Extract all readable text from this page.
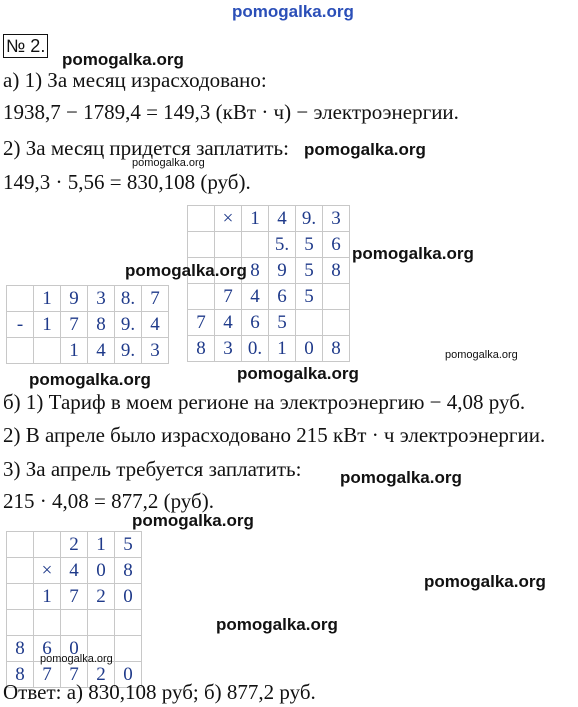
pomogalka.org
№ 2.
pomogalka.org
а) 1) За месяц израсходовано:
1938,7 − 1789,4 = 149,3 (кВт · ч) − электроэнергии.
2) За месяц придется заплатить: pomogalka.org
pomogalka.org
149,3 · 5,56 = 830,108 (руб).
	×	1	4	9.	3
			5.	5	6
		8	9	5	8
	7	4	6	5	
7	4	6	5		
8	3	0.	1	0	8
pomogalka.org
pomogalka.org
	1	9	3	8.	7
-	1	7	8	9.	4
		1	4	9.	3	pomogalka.org
pomogalka.org
pomogalka.org
б) 1) Тариф в моем регионе на электроэнергию − 4,08 руб.
2) В апреле было израсходовано 215 кВт · ч электроэнергии.
3) За апрель требуется заплатить: pomogalka.org
215 · 4,08 = 877,2 (руб).
pomogalka.org
		2	1	5
	×	4	0	8
	1	7	2	0

8	6	0		
8	7	7	2	0
pomogalka.org
pomogalka.org
pomogalka.org
Ответ: а) 830,108 руб; б) 877,2 руб.
